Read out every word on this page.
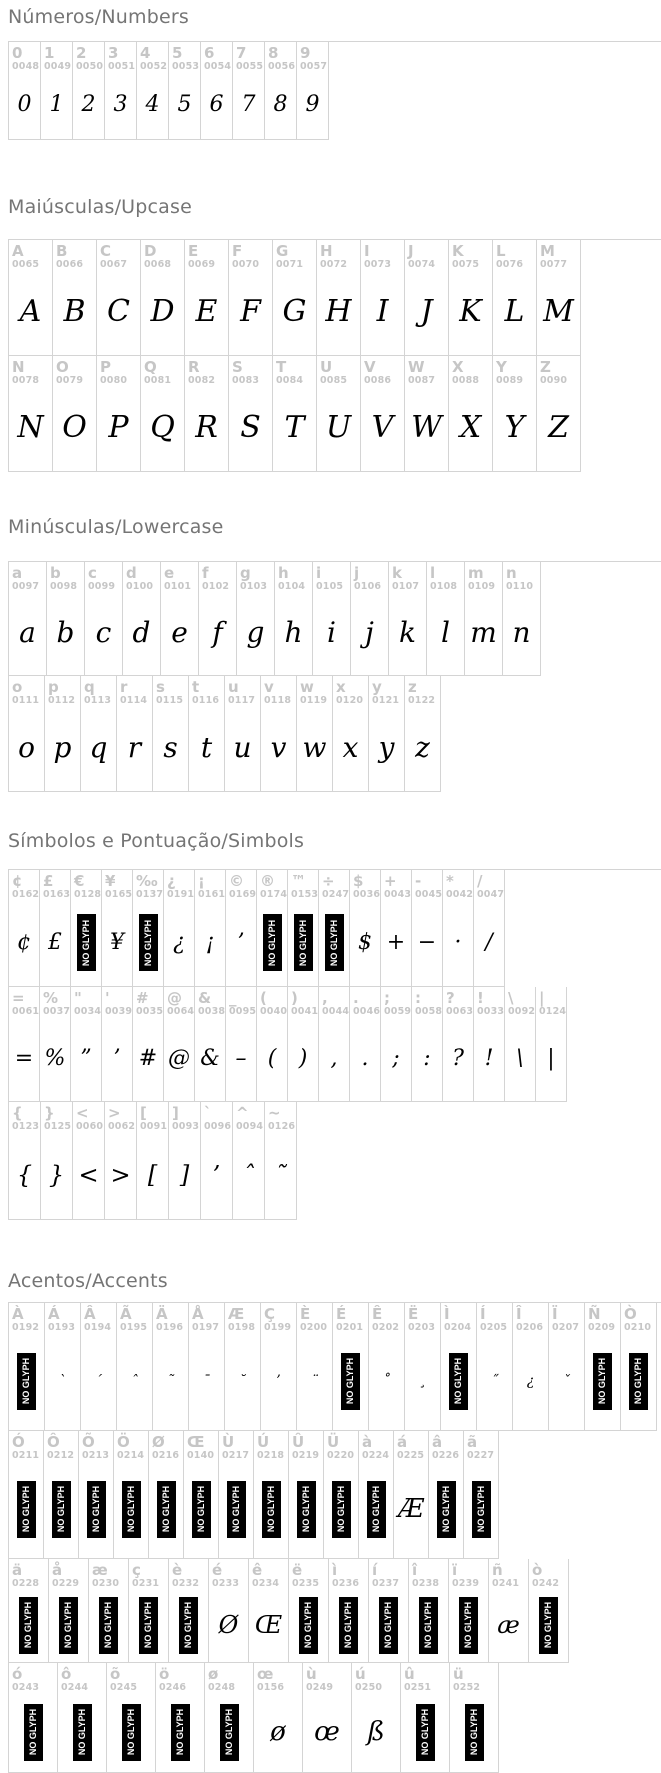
Números/Numbers
0
0048
0
1
0049
1
2
0050
2
3
0051
3
4
0052
4
5
0053
5
6
0054
6
7
0055
7
8
0056
8
9
0057
9
Maiúsculas/Upcase
A
0065
A
B
0066
B
C
0067
C
D
0068
D
E
0069
E
F
0070
F
G
0071
G
H
0072
H
I
0073
I
J
0074
J
K
0075
K
L
0076
L
M
0077
M
N
0078
N
O
0079
O
P
0080
P
Q
0081
Q
R
0082
R
S
0083
S
T
0084
T
U
0085
U
V
0086
V
W
0087
W
X
0088
X
Y
0089
Y
Z
0090
Z
Minúsculas/Lowercase
a
0097
a
b
0098
b
c
0099
c
d
0100
d
e
0101
e
f
0102
f
g
0103
g
h
0104
h
i
0105
i
j
0106
j
k
0107
k
l
0108
l
m
0109
m
n
0110
n
o
0111
o
p
0112
p
q
0113
q
r
0114
r
s
0115
s
t
0116
t
u
0117
u
v
0118
v
w
0119
w
x
0120
x
y
0121
y
z
0122
z
Símbolos e Pontuação/Simbols
¢
0162
¢
£
0163
£
€
0128
NO GLYPH
¥
0165
¥
‰
0137
NO GLYPH
¿
0191
¿
¡
0161
¡
©
0169
’
®
0174
NO GLYPH
™
0153
NO GLYPH
÷
0247
NO GLYPH
$
0036
$
+
0043
+
-
0045
−
*
0042
·
/
0047
/
=
0061
=
%
0037
%
"
0034
”
'
0039
’
#
0035
#
@
0064
@
&
0038
&
_
0095
–
(
0040
(
)
0041
)
,
0044
,
.
0046
.
;
0059
;
:
0058
:
?
0063
?
!
0033
!
\
0092
\
|
0124
|
{
0123
{
}
0125
}
<
0060
<
>
0062
>
[
0091
[
]
0093
]
`
0096
’
^
0094
ˆ
~
0126
˜
Acentos/Accents
À
0192
NO GLYPH
Á
0193
`
Â
0194
´
Ã
0195
ˆ
Ä
0196
˜
Å
0197
¯
Æ
0198
˘
Ç
0199
’
È
0200
¨
É
0201
NO GLYPH
Ê
0202
˚
Ë
0203
¸
Ì
0204
NO GLYPH
Í
0205
˝
Î
0206
¿
Ï
0207
ˇ
Ñ
0209
NO GLYPH
Ò
0210
NO GLYPH
Ó
0211
NO GLYPH
Ô
0212
NO GLYPH
Õ
0213
NO GLYPH
Ö
0214
NO GLYPH
Ø
0216
NO GLYPH
Œ
0140
NO GLYPH
Ù
0217
NO GLYPH
Ú
0218
NO GLYPH
Û
0219
NO GLYPH
Ü
0220
NO GLYPH
à
0224
NO GLYPH
á
0225
Æ
â
0226
NO GLYPH
ã
0227
NO GLYPH
ä
0228
NO GLYPH
å
0229
NO GLYPH
æ
0230
NO GLYPH
ç
0231
NO GLYPH
è
0232
NO GLYPH
é
0233
Ø
ê
0234
Œ
ë
0235
NO GLYPH
ì
0236
NO GLYPH
í
0237
NO GLYPH
î
0238
NO GLYPH
ï
0239
NO GLYPH
ñ
0241
æ
ò
0242
NO GLYPH
ó
0243
NO GLYPH
ô
0244
NO GLYPH
õ
0245
NO GLYPH
ö
0246
NO GLYPH
ø
0248
NO GLYPH
œ
0156
ø
ù
0249
œ
ú
0250
ß
û
0251
NO GLYPH
ü
0252
NO GLYPH
